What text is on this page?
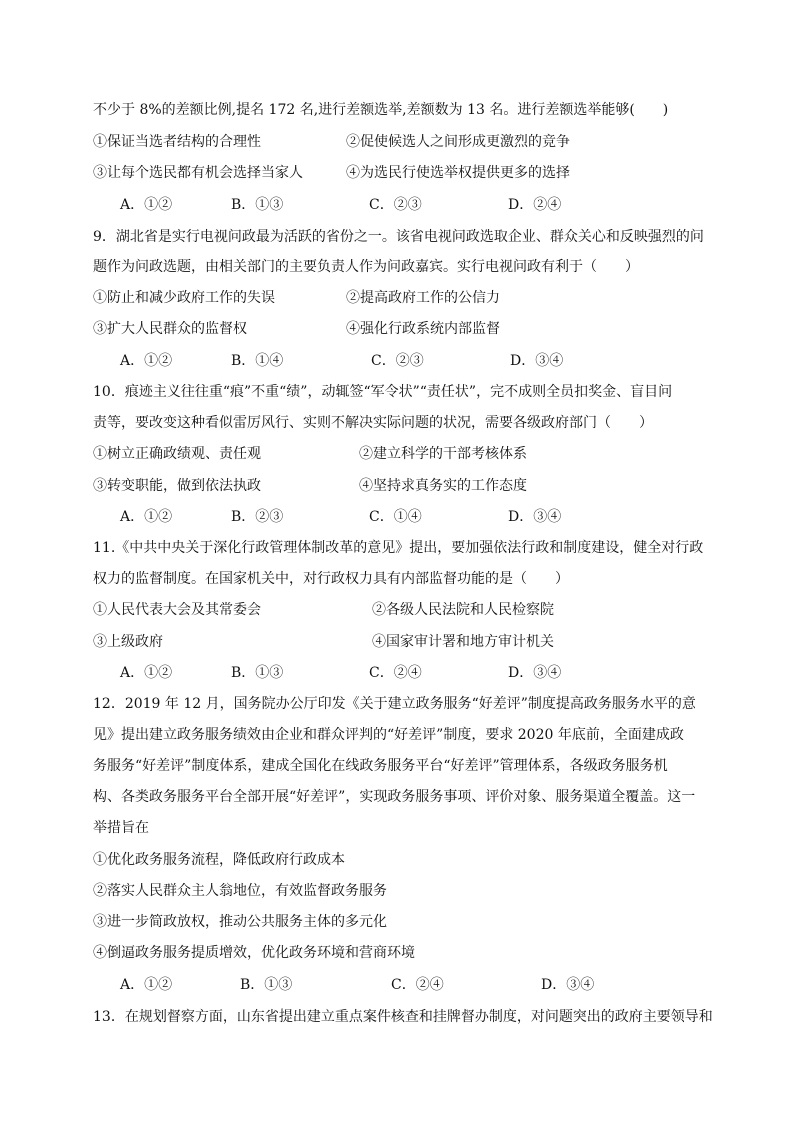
不少于 8%的差额比例,提名 172 名,进行差额选举,差额数为 13 名。进行差额选举能够(　　)
①保证当选者结构的合理性	②促使候选人之间形成更激烈的竞争
③让每个选民都有机会选择当家人	④为选民行使选举权提供更多的选择
A．①②	B．①③	C．②③	D．②④
9．湖北省是实行电视问政最为活跃的省份之一。该省电视问政选取企业、群众关心和反映强烈的问
题作为问政选题，由相关部门的主要负责人作为问政嘉宾。实行电视问政有利于（　　）
①防止和减少政府工作的失误	②提高政府工作的公信力
③扩大人民群众的监督权	④强化行政系统内部监督
A．①②	B．①④	C．②③	D．③④
10．痕迹主义往往重“痕”不重“绩”，动辄签“军令状”“责任状”，完不成则全员扣奖金、盲目问
责等，要改变这种看似雷厉风行、实则不解决实际问题的状况，需要各级政府部门（　　）
①树立正确政绩观、责任观	②建立科学的干部考核体系
③转变职能，做到依法执政	④坚持求真务实的工作态度
A．①②	B．②③	C．①④	D．③④
11.《中共中央关于深化行政管理体制改革的意见》提出，要加强依法行政和制度建设，健全对行政
权力的监督制度。在国家机关中，对行政权力具有内部监督功能的是（　　）
①人民代表大会及其常委会	②各级人民法院和人民检察院
③上级政府	④国家审计署和地方审计机关
A．①②	B．①③	C．②④	D．③④
12．2019 年 12 月，国务院办公厅印发《关于建立政务服务“好差评”制度提高政务服务水平的意
见》提出建立政务服务绩效由企业和群众评判的“好差评”制度，要求 2020 年底前，全面建成政
务服务“好差评”制度体系，建成全国化在线政务服务平台“好差评”管理体系，各级政务服务机
构、各类政务服务平台全部开展“好差评”，实现政务服务事项、评价对象、服务渠道全覆盖。这一
举措旨在
①优化政务服务流程，降低政府行政成本
②落实人民群众主人翁地位，有效监督政务服务
③进一步简政放权，推动公共服务主体的多元化
④倒逼政务服务提质增效，优化政务环境和营商环境
A．①②	B．①③	C．②④	D．③④
13．在规划督察方面，山东省提出建立重点案件核查和挂牌督办制度，对问题突出的政府主要领导和
